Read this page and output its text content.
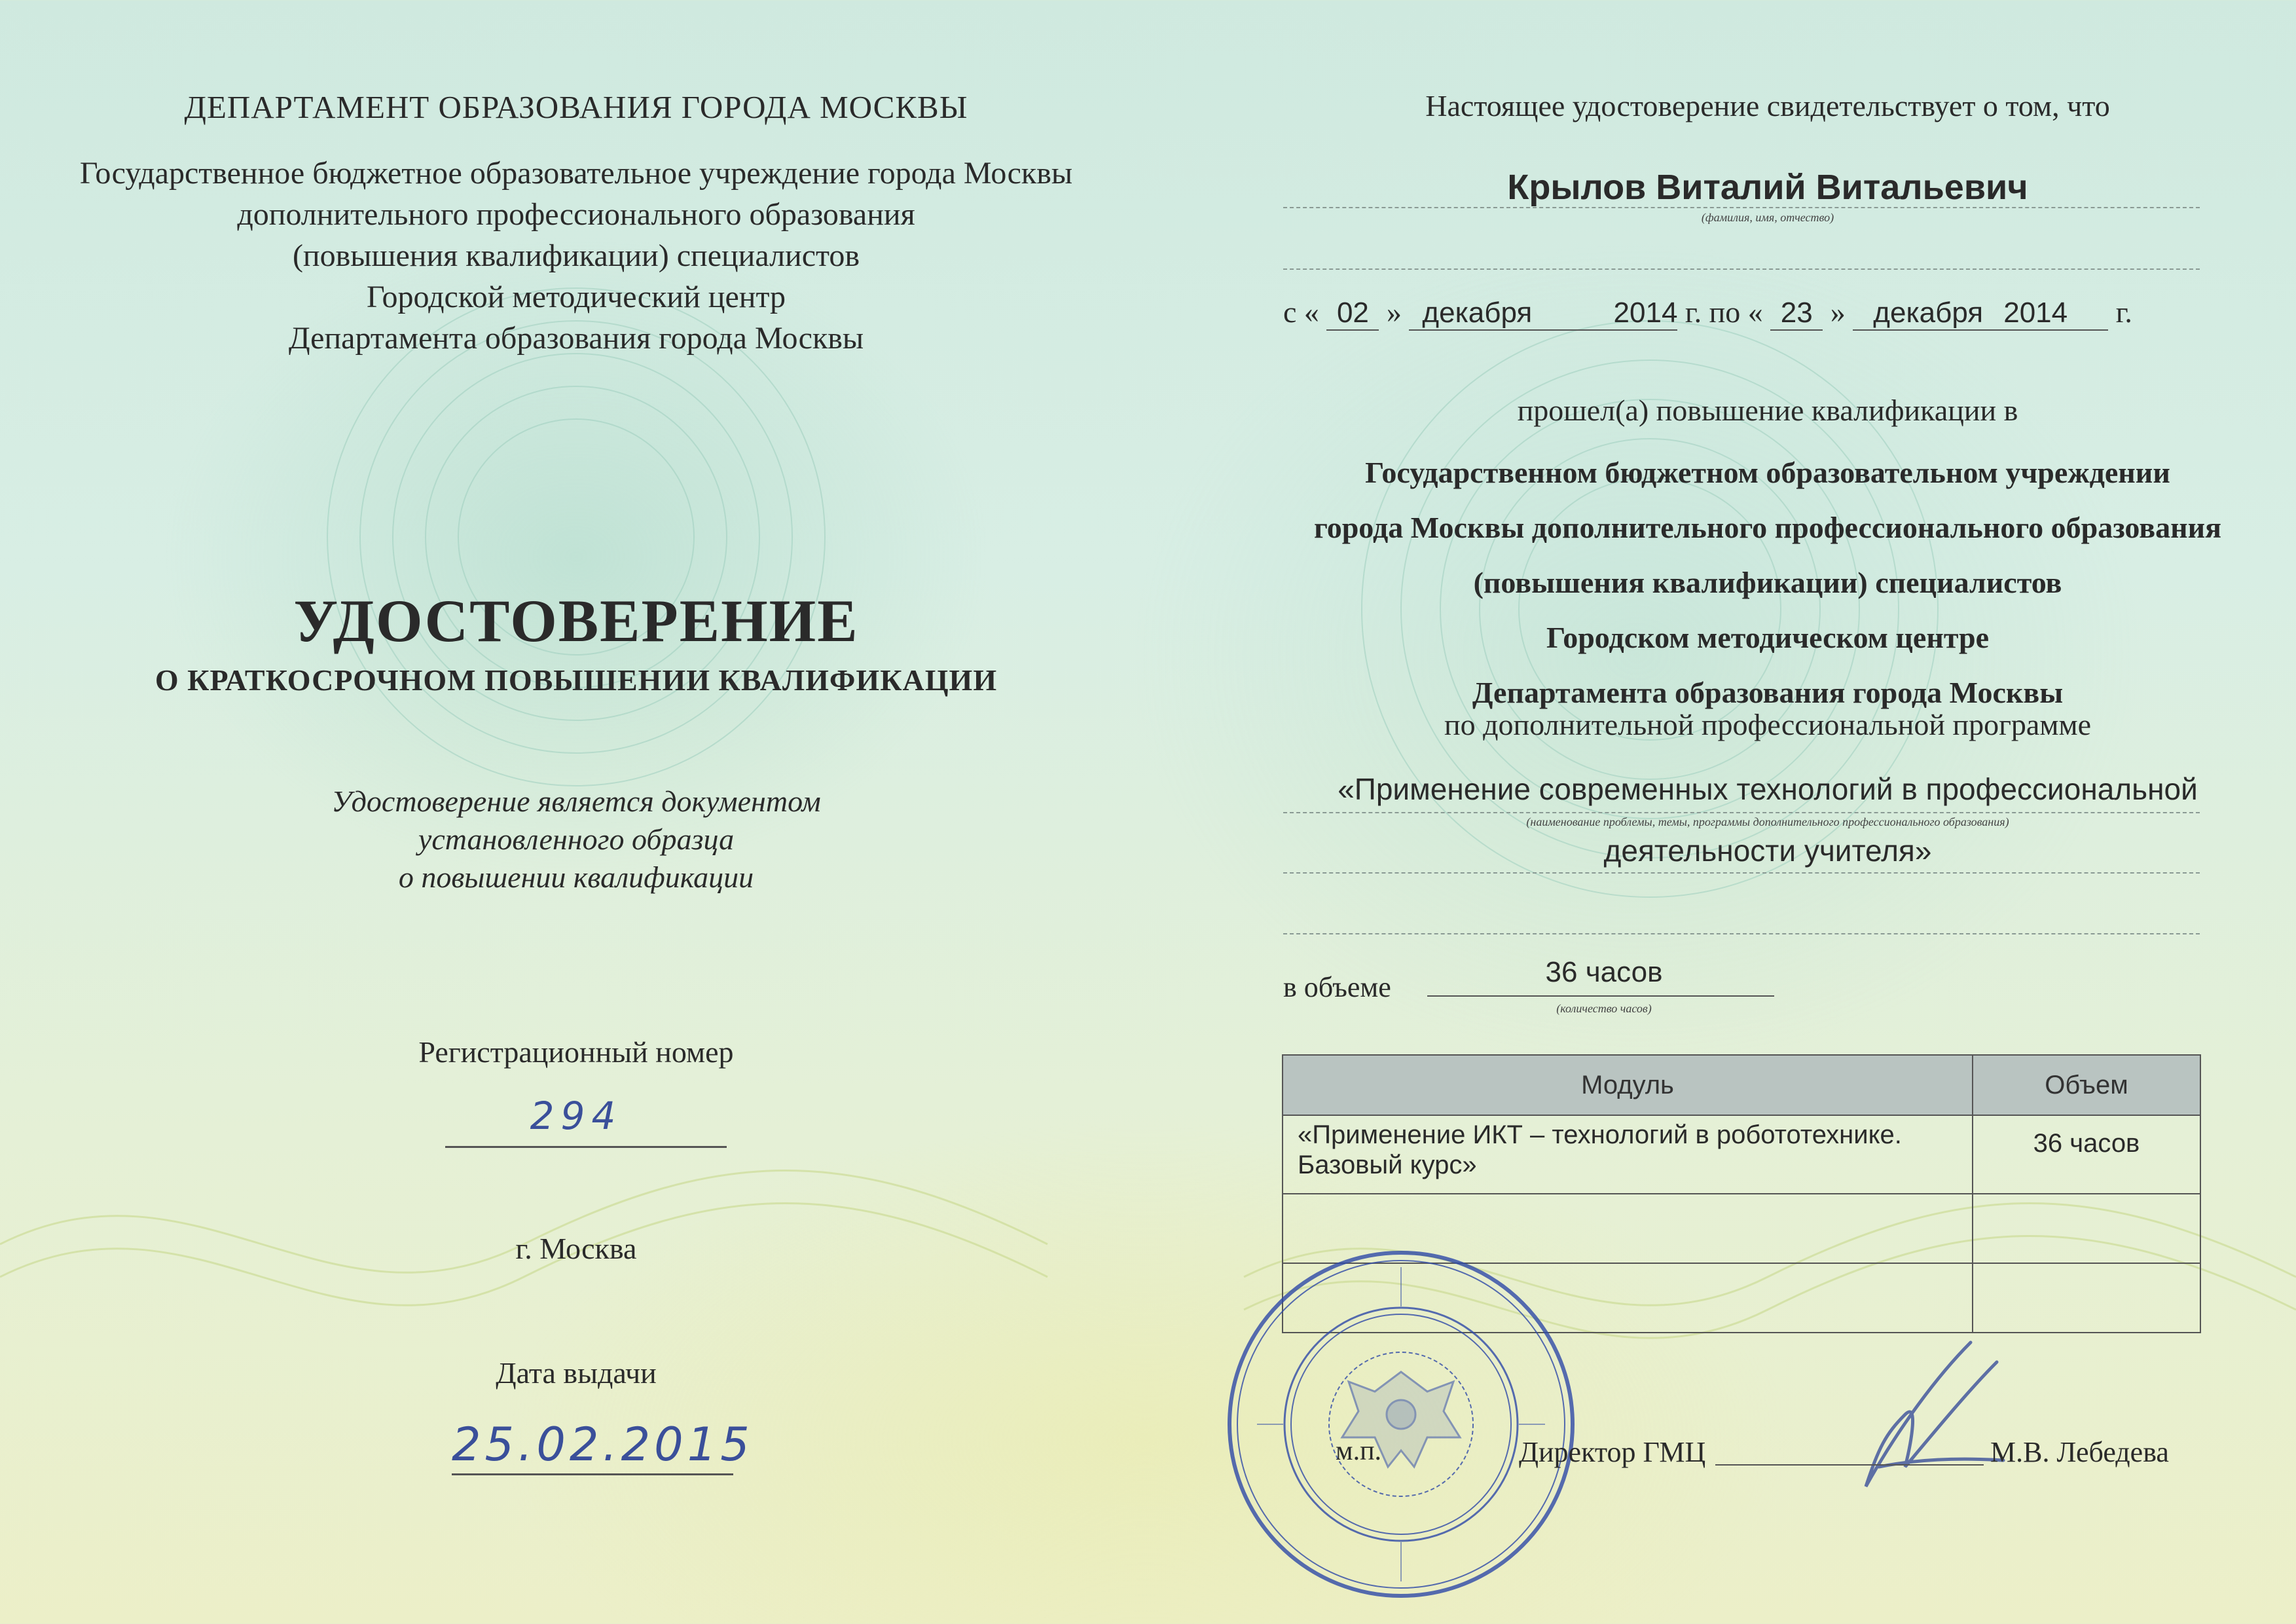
ДЕПАРТАМЕНТ ОБРАЗОВАНИЯ ГОРОДА МОСКВЫ
Государственное бюджетное образовательное учреждение города Москвы
дополнительного профессионального образования
(повышения квалификации) специалистов
Городской методический центр
Департамента образования города Москвы
УДОСТОВЕРЕНИЕ
О КРАТКОСРОЧНОМ ПОВЫШЕНИИ КВАЛИФИКАЦИИ
Удостоверение является документом
установленного образца
о повышении квалификации
Регистрационный номер
294
г. Москва
Дата выдачи
25.02.2015
Настоящее удостоверение свидетельствует о том, что
Крылов Виталий Витальевич
(фамилия, имя, отчество)
с « 02 » декабря	2014 г. по « 23 » декабря 2014 г.
прошел(а) повышение квалификации в
Государственном бюджетном образовательном учреждении
города Москвы дополнительного профессионального образования
(повышения квалификации) специалистов
Городском методическом центре
Департамента образования города Москвы
по дополнительной профессиональной программе
«Применение современных технологий в профессиональной
(наименование проблемы, темы, программы дополнительного профессионального образования)
деятельности учителя»
в объеме	36 часов
(количество часов)
Модуль	Объем
«Применение ИКТ – технологий в робототехнике. Базовый курс»	36 часов

м.п.	Директор ГМЦ	М.В. Лебедева
